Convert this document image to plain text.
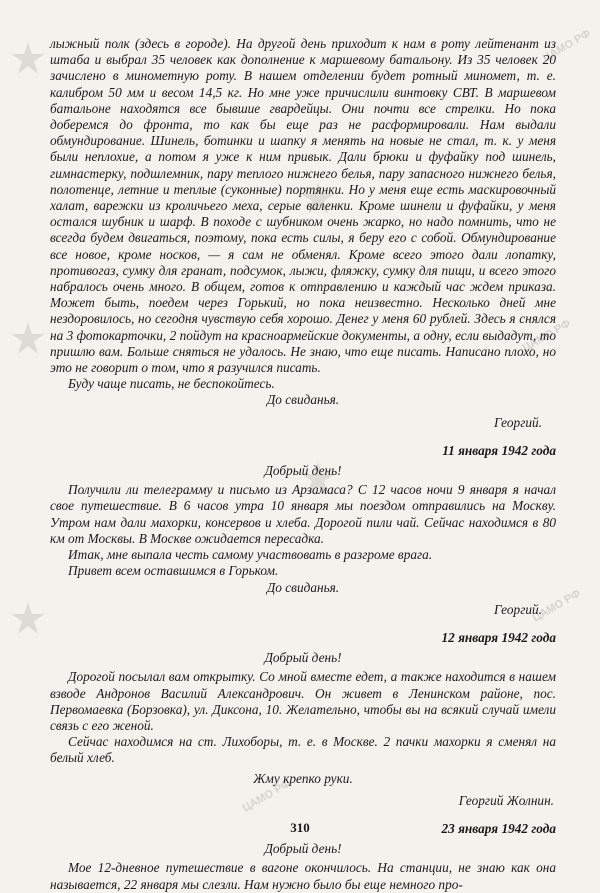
ЦАМО РФ
ЦАМО РФ
ЦАМО РФ
ЦАМО РФ

лыжный полк (здесь в городе). На другой день приходит к нам в роту лейтенант из штаба и выбрал 35 человек как дополнение к маршевому батальону. Из 35 человек 20 зачислено в минометную роту. В нашем отделении будет ротный миномет, т. е. калибром 50 мм и весом 14,5 кг. Но мне уже причислили винтовку СВТ. В маршевом батальоне находятся все бывшие гвардейцы. Они почти все стрелки. Но пока доберемся до фронта, то как бы еще раз не расформировали. Нам выдали обмундирование. Шинель, ботинки и шапку я менять на новые не стал, т. к. у меня были неплохие, а потом я уже к ним привык. Дали брюки и фуфайку под шинель, гимнастерку, подшлемник, пару теплого нижнего белья, пару запасного нижнего белья, полотенце, летние и теплые (суконные) портянки. Но у меня еще есть маскировочный халат, варежки из кроличьего меха, серые валенки. Кроме шинели и фуфайки, у меня остался шубник и шарф. В походе с шубником очень жарко, но надо помнить, что не всегда будем двигаться, поэтому, пока есть силы, я беру его с собой. Обмундирование все новое, кроме носков, — я сам не обменял. Кроме всего этого дали лопатку, противогаз, сумку для гранат, подсумок, лыжи, фляжку, сумку для пищи, и всего этого набралось очень много. В общем, готов к отправлению и каждый час ждем приказа. Может быть, поедем через Горький, но пока неизвестно. Несколько дней мне нездоровилось, но сегодня чувствую себя хорошо. Денег у меня 60 рублей. Здесь я снялся на 3 фотокарточки, 2 пойдут на красноармейские документы, а одну, если выдадут, то пришлю вам. Больше сняться не удалось. Не знаю, что еще писать. Написано плохо, но это не говорит о том, что я разучился писать.

Буду чаще писать, не беспокойтесь.

До свиданья.

Георгий.

11 января 1942 года

Добрый день!

Получили ли телеграмму и письмо из Арзамаса? С 12 часов ночи 9 января я начал свое путешествие. В 6 часов утра 10 января мы поездом отправились на Москву. Утром нам дали махорки, консервов и хлеба. Дорогой пили чай. Сейчас находимся в 80 км от Москвы. В Москве ожидается пересадка.

Итак, мне выпала честь самому участвовать в разгроме врага.

Привет всем оставшимся в Горьком.

До свиданья.

Георгий.

12 января 1942 года

Добрый день!

Дорогой посылал вам открытку. Со мной вместе едет, а также находится в нашем взводе Андронов Василий Александрович. Он живет в Ленинском районе, пос. Первомаевка (Борзовка), ул. Диксона, 10. Желательно, чтобы вы на всякий случай имели связь с его женой.

Сейчас находимся на ст. Лихоборы, т. е. в Москве. 2 пачки махорки я сменял на белый хлеб.

Жму крепко руки.

Георгий Жолнин.

23 января 1942 года

Добрый день!

Мое 12-дневное путешествие в вагоне окончилось. На станции, не знаю как она называется, 22 января мы слезли. Нам нужно было бы еще немного про-

310
